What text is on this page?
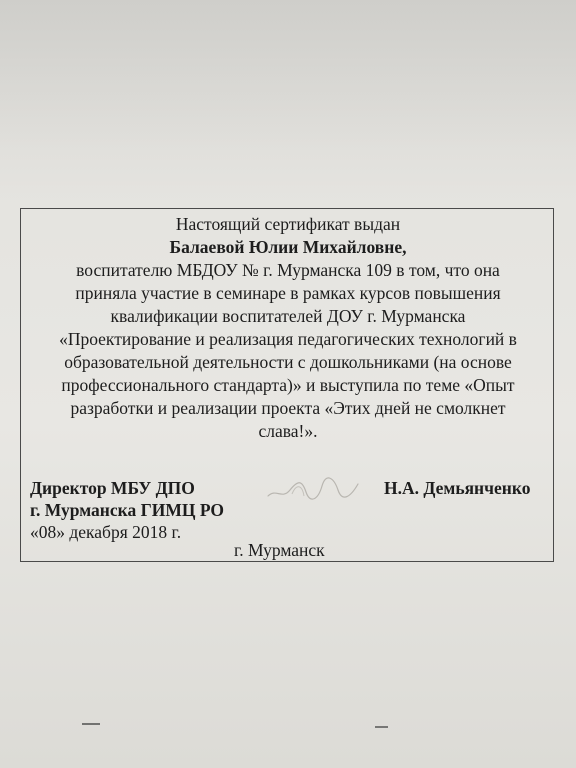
Настоящий сертификат выдан
Балаевой Юлии Михайловне,
воспитателю МБДОУ № г. Мурманска 109 в том, что она
приняла участие в семинаре в рамках курсов повышения
квалификации воспитателей ДОУ г. Мурманска
«Проектирование и реализация педагогических технологий в
образовательной деятельности с дошкольниками (на основе
профессионального стандарта)» и выступила по теме «Опыт
разработки и реализации проекта «Этих дней не смолкнет
слава!».
Директор МБУ ДПО
г. Мурманска ГИМЦ РО
«08» декабря 2018 г.
Н.А. Демьянченко
г. Мурманск
